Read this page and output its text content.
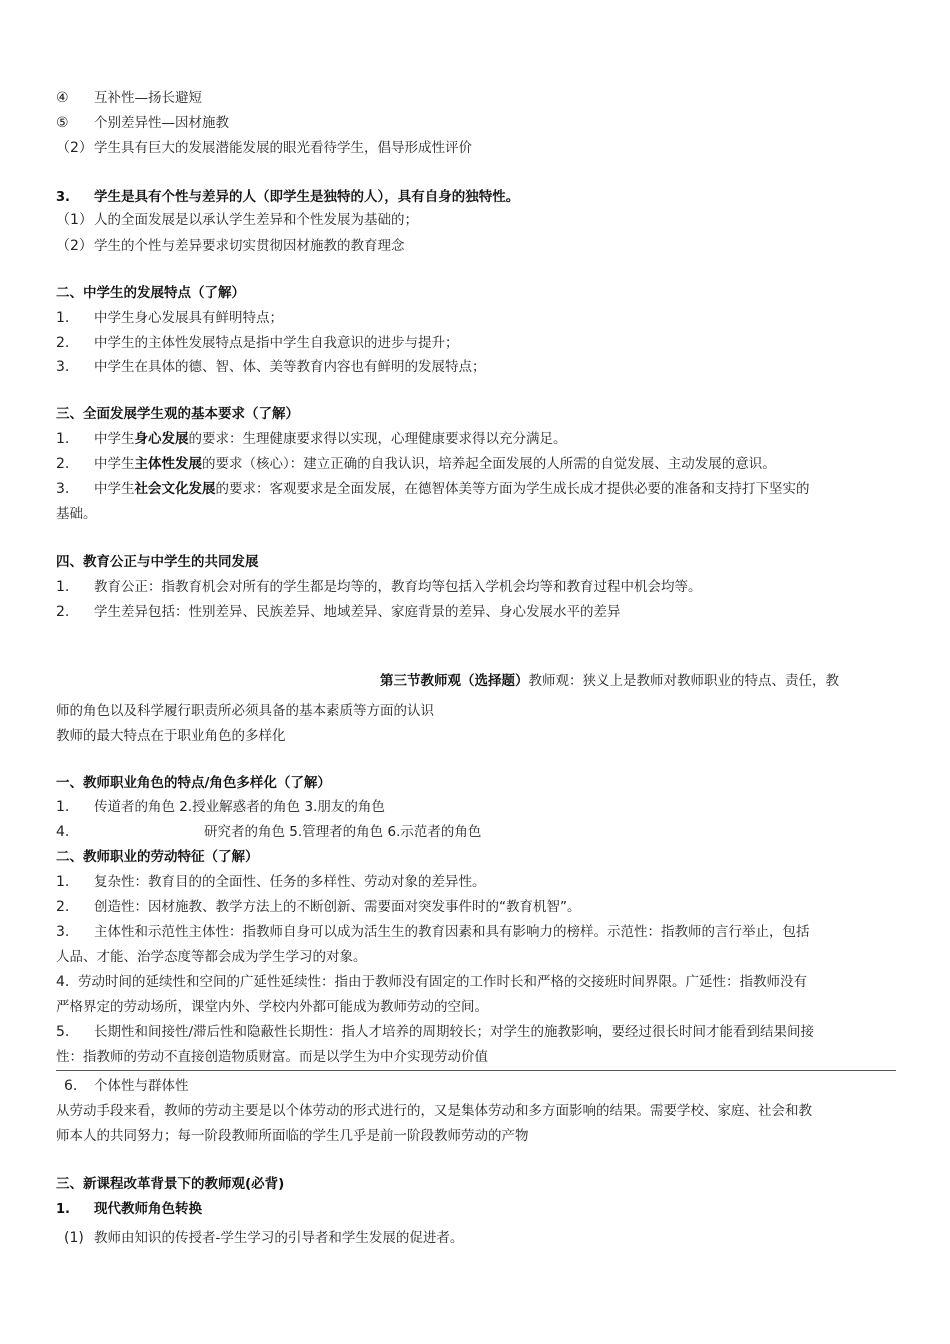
④ 互补性—扬长避短
⑤ 个别差异性—因材施教
（2）学生具有巨大的发展潜能发展的眼光看待学生，倡导形成性评价
3. 学生是具有个性与差异的人（即学生是独特的人），具有自身的独特性。
（1）人的全面发展是以承认学生差异和个性发展为基础的；
（2）学生的个性与差异要求切实贯彻因材施教的教育理念
二、中学生的发展特点（了解）
1. 中学生身心发展具有鲜明特点；
2. 中学生的主体性发展特点是指中学生自我意识的进步与提升；
3. 中学生在具体的德、智、体、美等教育内容也有鲜明的发展特点；
三、全面发展学生观的基本要求（了解）
1. 中学生身心发展的要求：生理健康要求得以实现，心理健康要求得以充分满足。
2. 中学生主体性发展的要求（核心）：建立正确的自我认识，培养起全面发展的人所需的自觉发展、主动发展的意识。
3. 中学生社会文化发展的要求：客观要求是全面发展，在德智体美等方面为学生成长成才提供必要的准备和支持打下坚实的
基础。
四、教育公正与中学生的共同发展
1. 教育公正：指教育机会对所有的学生都是均等的，教育均等包括入学机会均等和教育过程中机会均等。
2. 学生差异包括：性别差异、民族差异、地域差异、家庭背景的差异、身心发展水平的差异
第三节教师观（选择题）教师观：狭义上是教师对教师职业的特点、责任，教
师的角色以及科学履行职责所必须具备的基本素质等方面的认识
教师的最大特点在于职业角色的多样化
一、教师职业角色的特点/角色多样化（了解）
1. 传道者的角色 2.授业解惑者的角色 3.朋友的角色
4.	研究者的角色 5.管理者的角色 6.示范者的角色
二、教师职业的劳动特征（了解）
1. 复杂性：教育目的的全面性、任务的多样性、劳动对象的差异性。
2. 创造性：因材施教、教学方法上的不断创新、需要面对突发事件时的“教育机智”。
3. 主体性和示范性主体性：指教师自身可以成为活生生的教育因素和具有影响力的榜样。示范性：指教师的言行举止，包括
人品、才能、治学态度等都会成为学生学习的对象。
4. 劳动时间的延续性和空间的广延性延续性：指由于教师没有固定的工作时长和严格的交接班时间界限。广延性：指教师没有
严格界定的劳动场所，课堂内外、学校内外都可能成为教师劳动的空间。
5. 长期性和间接性/滞后性和隐蔽性长期性：指人才培养的周期较长；对学生的施教影响，要经过很长时间才能看到结果间接
性：指教师的劳动不直接创造物质财富。而是以学生为中介实现劳动价值
6. 个体性与群体性
从劳动手段来看，教师的劳动主要是以个体劳动的形式进行的，又是集体劳动和多方面影响的结果。需要学校、家庭、社会和教
师本人的共同努力；每一阶段教师所面临的学生几乎是前一阶段教师劳动的产物
三、新课程改革背景下的教师观(必背)
1. 现代教师角色转换
(1) 教师由知识的传授者-学生学习的引导者和学生发展的促进者。
